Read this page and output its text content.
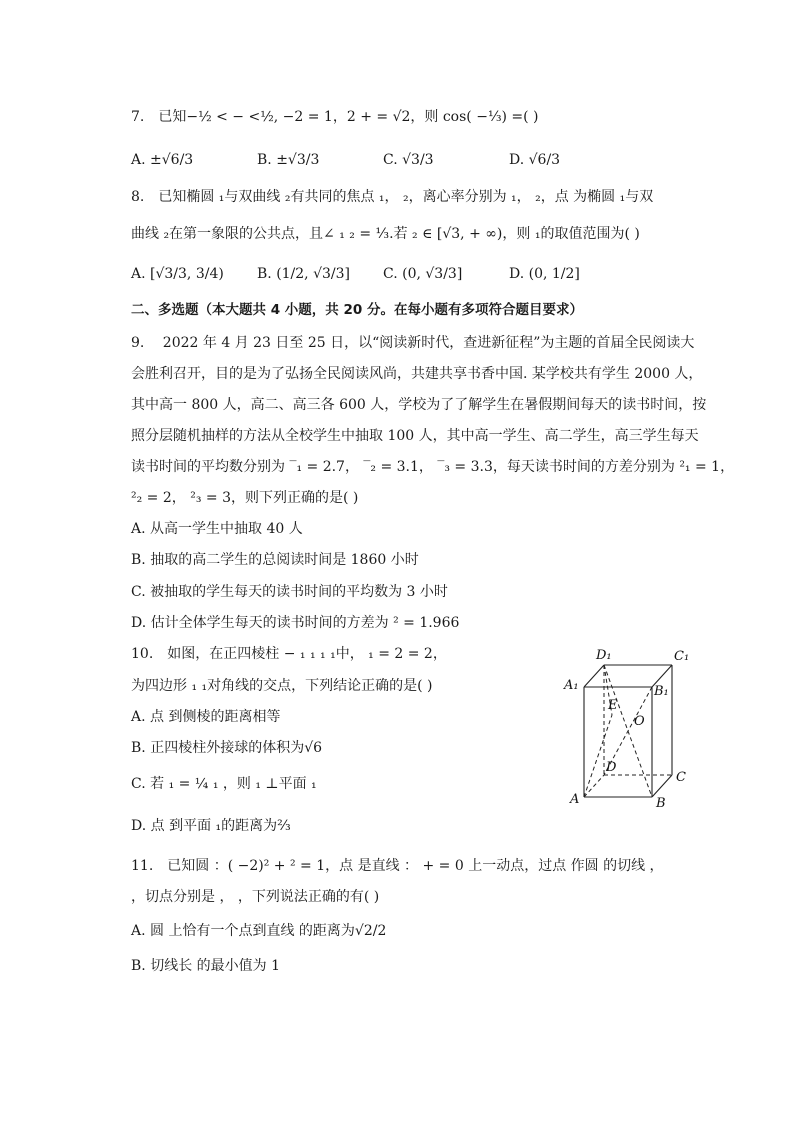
7.　已知−½ < − <½, −2 = 1，2 + = √2，则 cos( −⅓) =( )
A. ±√6/3	B. ±√3/3	C. √3/3	D. √6/3
8.　已知椭圆 ₁与双曲线 ₂有共同的焦点 ₁， ₂，离心率分别为 ₁， ₂，点 为椭圆 ₁与双
曲线 ₂在第一象限的公共点，且∠ ₁ ₂ = ⅓.若 ₂ ∈ [√3, + ∞)，则 ₁的取值范围为( )
A. [√3/3, 3/4) B. (1/2, √3/3] C. (0, √3/3]	D. (0, 1/2]
二、多选题（本大题共 4 小题，共 20 分。在每小题有多项符合题目要求）
9.　 2022 年 4 月 23 日至 25 日，以“阅读新时代，查进新征程”为主题的首届全民阅读大
会胜利召开，目的是为了弘扬全民阅读风尚，共建共享书香中国. 某学校共有学生 2000 人，
其中高一 800 人，高二、高三各 600 人，学校为了了解学生在暑假期间每天的读书时间，按
照分层随机抽样的方法从全校学生中抽取 100 人，其中高一学生、高二学生，高三学生每天
读书时间的平均数分别为 ‾₁ = 2.7， ‾₂ = 3.1， ‾₃ = 3.3，每天读书时间的方差分别为 ²₁ = 1，
²₂ = 2， ²₃ = 3，则下列正确的是( )
A. 从高一学生中抽取 40 人
B. 抽取的高二学生的总阅读时间是 1860 小时
C. 被抽取的学生每天的读书时间的平均数为 3 小时
D. 估计全体学生每天的读书时间的方差为 ² = 1.966
10.　如图，在正四棱柱 − ₁ ₁ ₁ ₁中， ₁ = 2 = 2，
为四边形 ₁ ₁对角线的交点，下列结论正确的是( )
A. 点 到侧棱的距离相等
B. 正四棱柱外接球的体积为√6
C. 若 ₁ = ¼ ₁ ，则 ₁ ⊥平面 ₁
D. 点 到平面 ₁的距离为⅔
D₁	C₁
A₁	B₁
E
O
D
C
A	B
11.　已知圆 ：( −2)² + ² = 1，点 是直线 ： + = 0 上一动点，过点 作圆 的切线 ，
，切点分别是 ， ，下列说法正确的有( )
A. 圆 上恰有一个点到直线 的距离为√2/2
B. 切线长 的最小值为 1
